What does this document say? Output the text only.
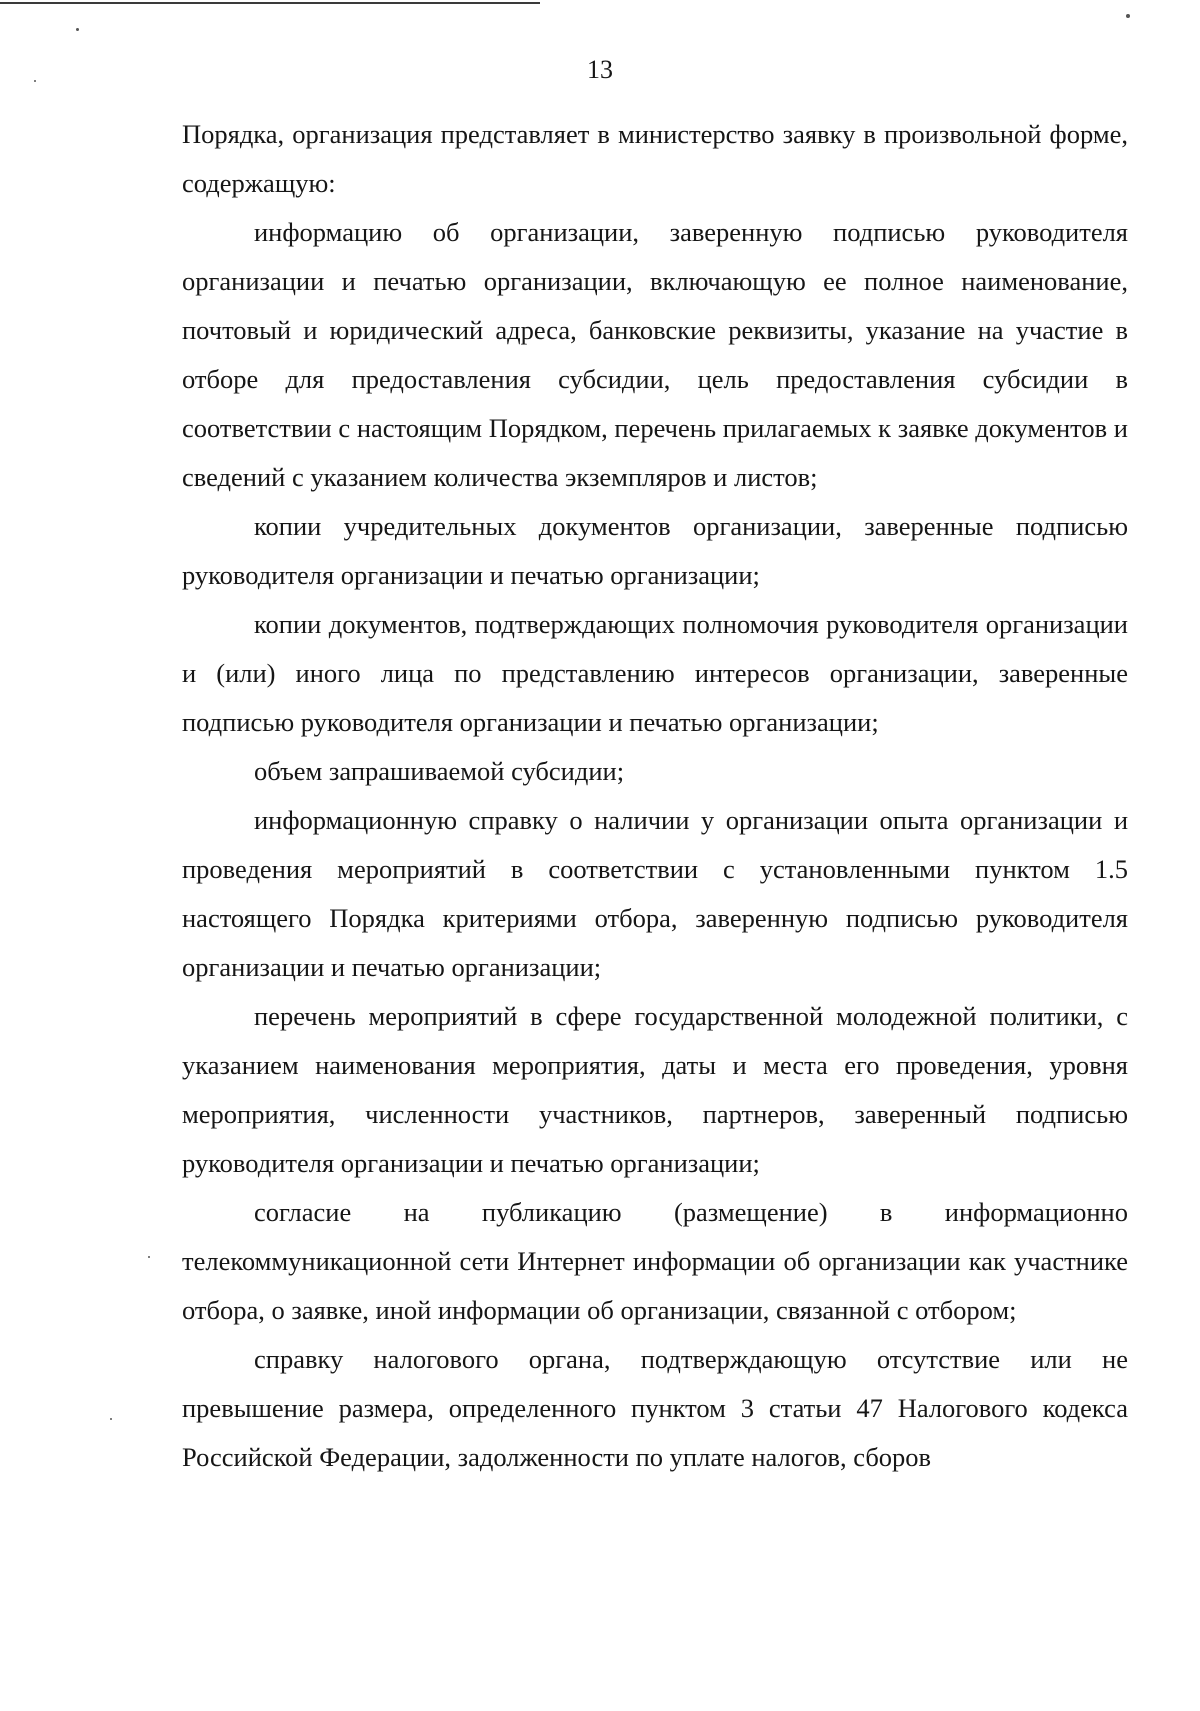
13

Порядка, организация представляет в министерство заявку в произвольной форме, содержащую:

информацию об организации, заверенную подписью руководителя организации и печатью организации, включающую ее полное наименование, почтовый и юридический адреса, банковские реквизиты, указание на участие в отборе для предоставления субсидии, цель предоставления субсидии в соответствии с настоящим Порядком, перечень прилагаемых к заявке документов и сведений с указанием количества экземпляров и листов;

копии учредительных документов организации, заверенные подписью руководителя организации и печатью организации;

копии документов, подтверждающих полномочия руководителя организации и (или) иного лица по представлению интересов организации, заверенные подписью руководителя организации и печатью организации;

объем запрашиваемой субсидии;

информационную справку о наличии у организации опыта организации и проведения мероприятий в соответствии с установленными пунктом 1.5 настоящего Порядка критериями отбора, заверенную подписью руководителя организации и печатью организации;

перечень мероприятий в сфере государственной молодежной политики, с указанием наименования мероприятия, даты и места его проведения, уровня мероприятия, численности участников, партнеров, заверенный подписью руководителя организации и печатью организации;

согласие на публикацию (размещение) в информационно телекоммуникационной сети Интернет информации об организации как участнике отбора, о заявке, иной информации об организации, связанной с отбором;

справку налогового органа, подтверждающую отсутствие или не превышение размера, определенного пунктом 3 статьи 47 Налогового кодекса Российской Федерации, задолженности по уплате налогов, сборов
